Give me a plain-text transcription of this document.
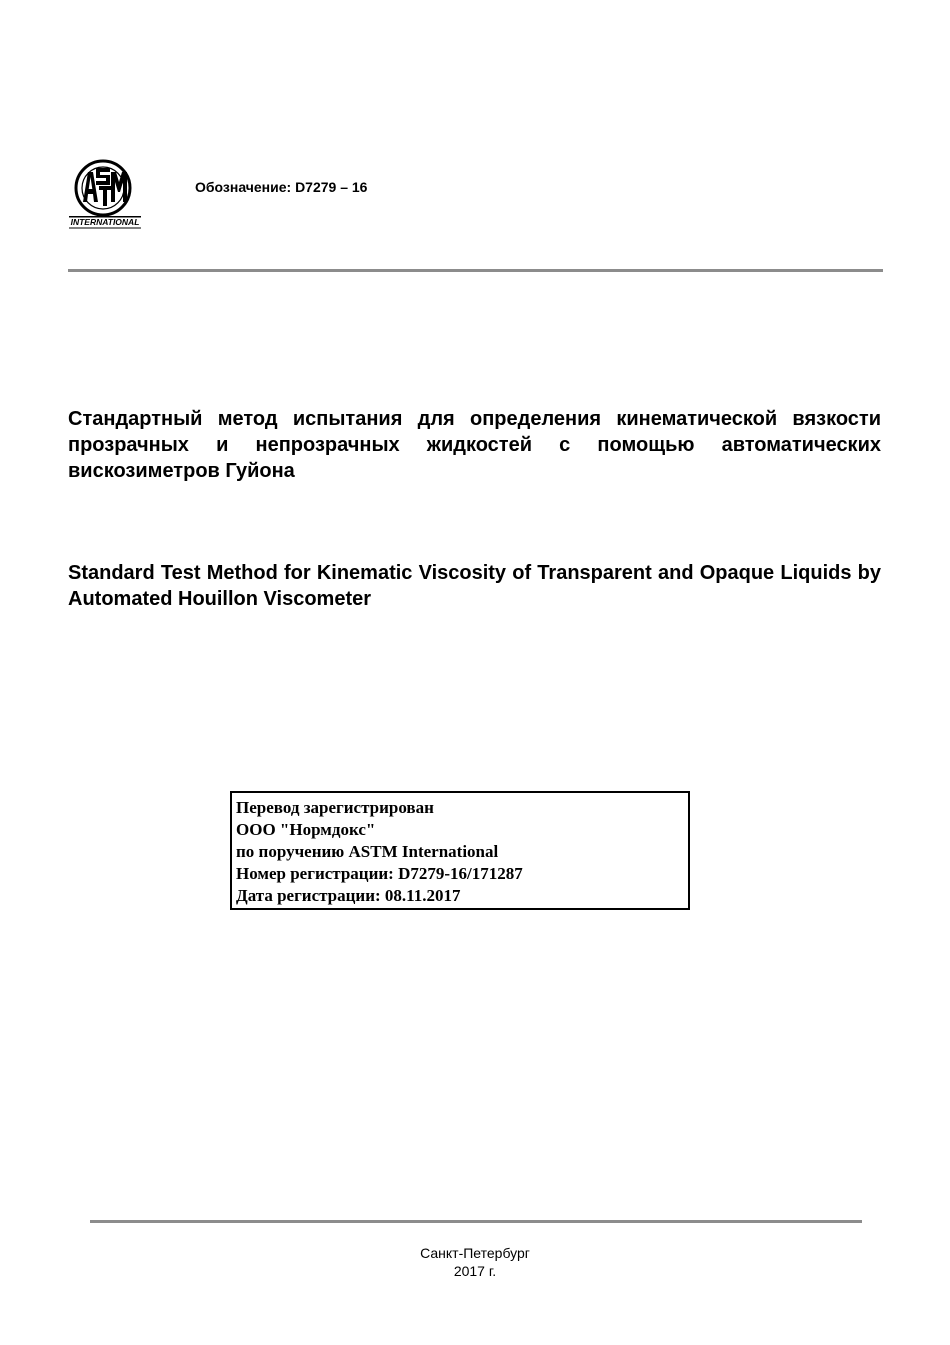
INTERNATIONAL
Обозначение: D7279 – 16
Стандартный метод испытания для определения кинематической вязкости прозрачных и непрозрачных жидкостей с помощью автоматических вискозиметров Гуйона
Standard Test Method for Kinematic Viscosity of Transparent and Opaque Liquids by Automated Houillon Viscometer
Перевод зарегистрирован
ООО "Нормдокс"
по поручению ASTM International
Номер регистрации: D7279-16/171287
Дата регистрации: 08.11.2017
Санкт-Петербург
2017 г.
